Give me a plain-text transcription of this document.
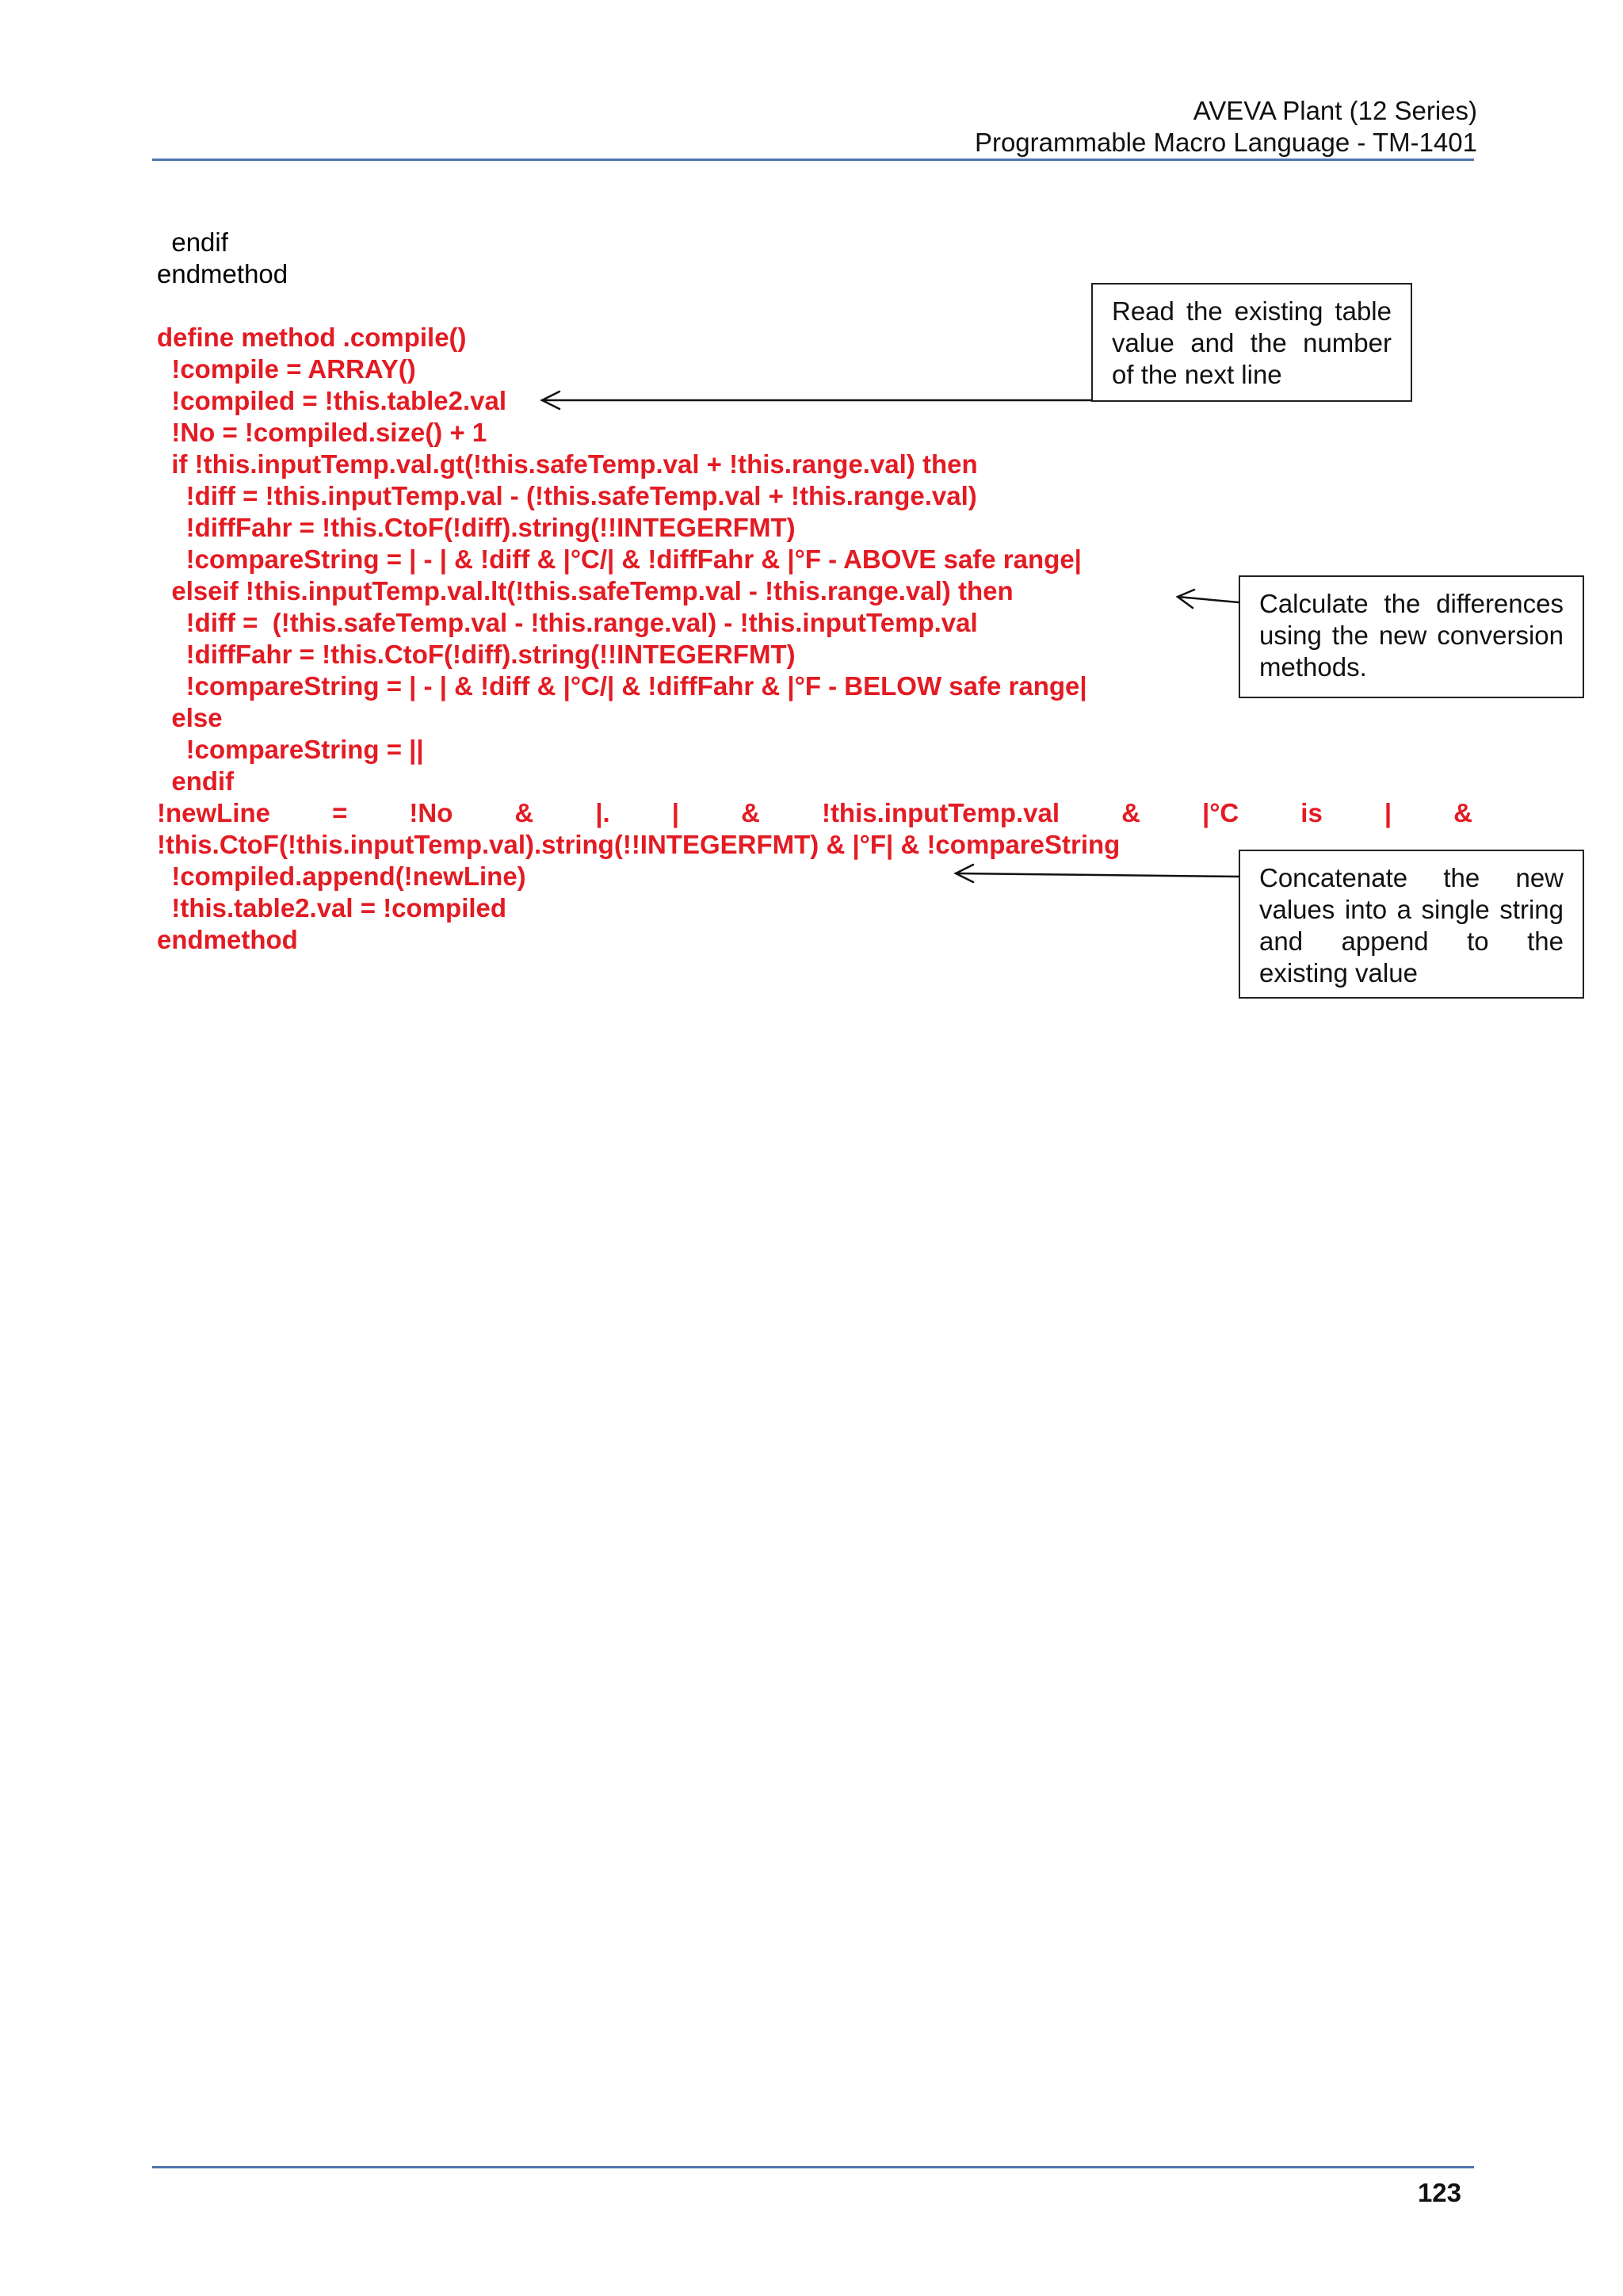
AVEVA Plant (12 Series)
Programmable Macro Language - TM-1401
endif
endmethod
define method .compile()
!compile = ARRAY()
!compiled = !this.table2.val
!No = !compiled.size() + 1
if !this.inputTemp.val.gt(!this.safeTemp.val + !this.range.val) then
!diff = !this.inputTemp.val - (!this.safeTemp.val + !this.range.val)
!diffFahr = !this.CtoF(!diff).string(!!INTEGERFMT)
!compareString = | - | & !diff & |°C/| & !diffFahr & |°F - ABOVE safe range|
elseif !this.inputTemp.val.lt(!this.safeTemp.val - !this.range.val) then
!diff =  (!this.safeTemp.val - !this.range.val) - !this.inputTemp.val
!diffFahr = !this.CtoF(!diff).string(!!INTEGERFMT)
!compareString = | - | & !diff & |°C/| & !diffFahr & |°F - BELOW safe range|
else
!compareString = ||
endif
!newLine = !No & |. | & !this.inputTemp.val & |°C is | &
!this.CtoF(!this.inputTemp.val).string(!!INTEGERFMT) & |°F| & !compareString
!compiled.append(!newLine)
!this.table2.val = !compiled
endmethod
Read the existing table value and the number of the next line
Calculate the differences using the new conversion methods.
Concatenate the new values into a single string and append to the existing value
123
